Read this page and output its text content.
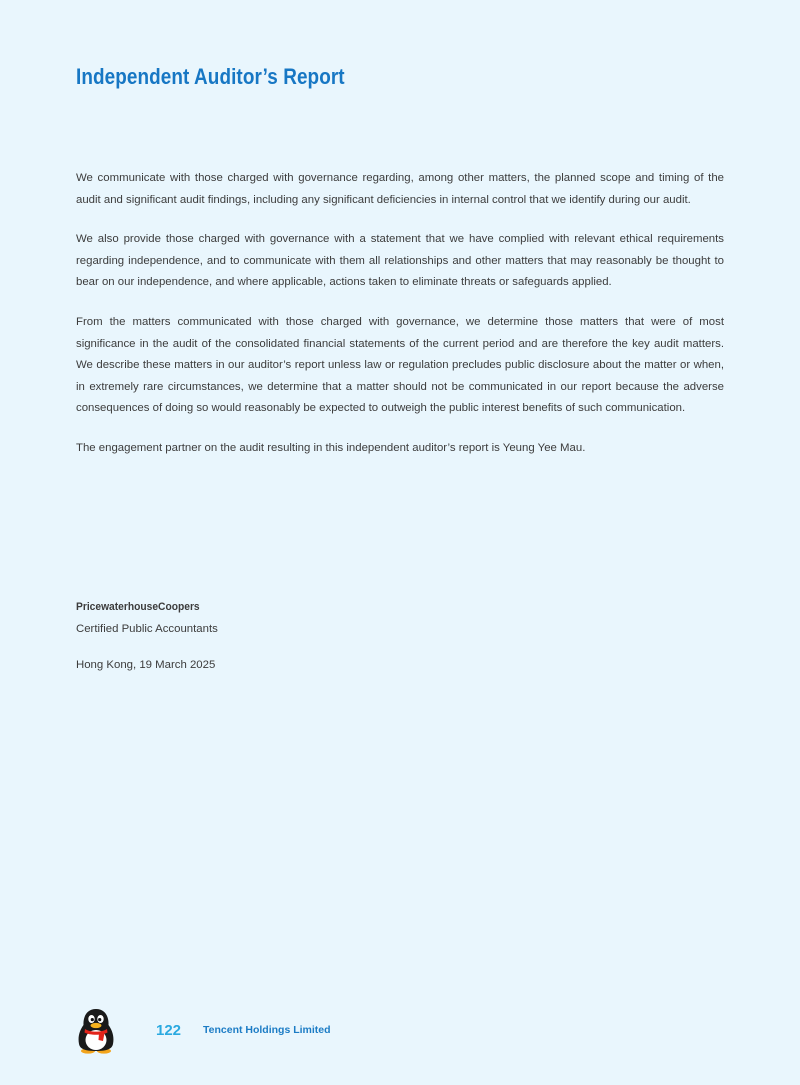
Independent Auditor’s Report

We communicate with those charged with governance regarding, among other matters, the planned scope and timing of the audit and significant audit findings, including any significant deficiencies in internal control that we identify during our audit.

We also provide those charged with governance with a statement that we have complied with relevant ethical requirements regarding independence, and to communicate with them all relationships and other matters that may reasonably be thought to bear on our independence, and where applicable, actions taken to eliminate threats or safeguards applied.

From the matters communicated with those charged with governance, we determine those matters that were of most significance in the audit of the consolidated financial statements of the current period and are therefore the key audit matters. We describe these matters in our auditor’s report unless law or regulation precludes public disclosure about the matter or when, in extremely rare circumstances, we determine that a matter should not be communicated in our report because the adverse consequences of doing so would reasonably be expected to outweigh the public interest benefits of such communication.

The engagement partner on the audit resulting in this independent auditor’s report is Yeung Yee Mau.

PricewaterhouseCoopers
Certified Public Accountants
Hong Kong, 19 March 2025
122 Tencent Holdings Limited
